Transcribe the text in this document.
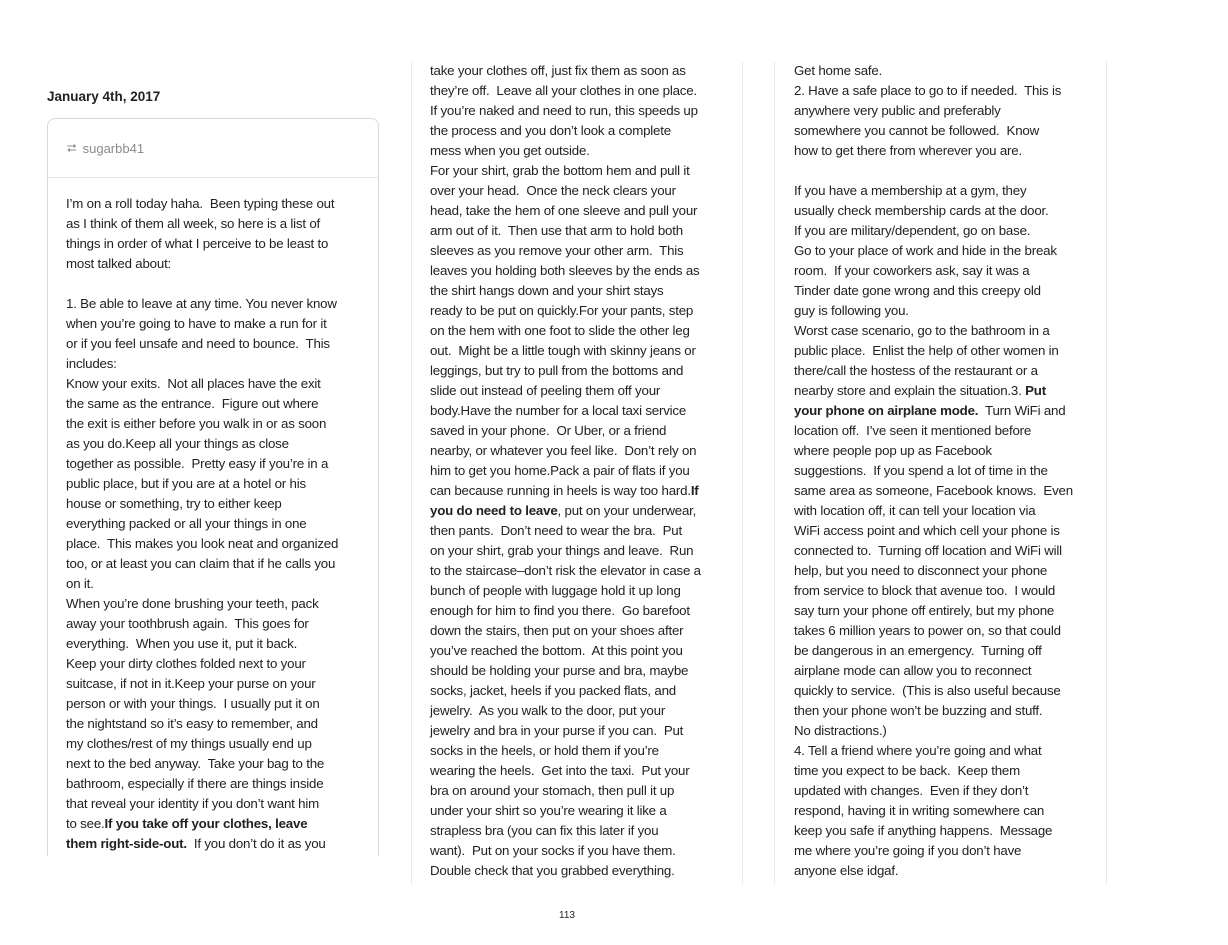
January 4th, 2017
⮂ sugarbb41
I’m on a roll today haha.  Been typing these out
as I think of them all week, so here is a list of
things in order of what I perceive to be least to
most talked about:
1. Be able to leave at any time. You never know
when you’re going to have to make a run for it
or if you feel unsafe and need to bounce.  This
includes:
Know your exits.  Not all places have the exit
the same as the entrance.  Figure out where
the exit is either before you walk in or as soon
as you do.Keep all your things as close
together as possible.  Pretty easy if you’re in a
public place, but if you are at a hotel or his
house or something, try to either keep
everything packed or all your things in one
place.  This makes you look neat and organized
too, or at least you can claim that if he calls you
on it.
When you’re done brushing your teeth, pack
away your toothbrush again.  This goes for
everything.  When you use it, put it back.
Keep your dirty clothes folded next to your
suitcase, if not in it.Keep your purse on your
person or with your things.  I usually put it on
the nightstand so it’s easy to remember, and
my clothes/rest of my things usually end up
next to the bed anyway.  Take your bag to the
bathroom, especially if there are things inside
that reveal your identity if you don’t want him
to see.If you take off your clothes, leave
them right-side-out.  If you don’t do it as you
take your clothes off, just fix them as soon as
they’re off.  Leave all your clothes in one place.
If you’re naked and need to run, this speeds up
the process and you don’t look a complete
mess when you get outside.
For your shirt, grab the bottom hem and pull it
over your head.  Once the neck clears your
head, take the hem of one sleeve and pull your
arm out of it.  Then use that arm to hold both
sleeves as you remove your other arm.  This
leaves you holding both sleeves by the ends as
the shirt hangs down and your shirt stays
ready to be put on quickly.For your pants, step
on the hem with one foot to slide the other leg
out.  Might be a little tough with skinny jeans or
leggings, but try to pull from the bottoms and
slide out instead of peeling them off your
body.Have the number for a local taxi service
saved in your phone.  Or Uber, or a friend
nearby, or whatever you feel like.  Don’t rely on
him to get you home.Pack a pair of flats if you
can because running in heels is way too hard.If
you do need to leave, put on your underwear,
then pants.  Don’t need to wear the bra.  Put
on your shirt, grab your things and leave.  Run
to the staircase–don’t risk the elevator in case a
bunch of people with luggage hold it up long
enough for him to find you there.  Go barefoot
down the stairs, then put on your shoes after
you’ve reached the bottom.  At this point you
should be holding your purse and bra, maybe
socks, jacket, heels if you packed flats, and
jewelry.  As you walk to the door, put your
jewelry and bra in your purse if you can.  Put
socks in the heels, or hold them if you’re
wearing the heels.  Get into the taxi.  Put your
bra on around your stomach, then pull it up
under your shirt so you’re wearing it like a
strapless bra (you can fix this later if you
want).  Put on your socks if you have them.
Double check that you grabbed everything.
Get home safe.
2. Have a safe place to go to if needed.  This is
anywhere very public and preferably
somewhere you cannot be followed.  Know
how to get there from wherever you are.
If you have a membership at a gym, they
usually check membership cards at the door.
If you are military/dependent, go on base.
Go to your place of work and hide in the break
room.  If your coworkers ask, say it was a
Tinder date gone wrong and this creepy old
guy is following you.
Worst case scenario, go to the bathroom in a
public place.  Enlist the help of other women in
there/call the hostess of the restaurant or a
nearby store and explain the situation.3. Put
your phone on airplane mode.  Turn WiFi and
location off.  I’ve seen it mentioned before
where people pop up as Facebook
suggestions.  If you spend a lot of time in the
same area as someone, Facebook knows.  Even
with location off, it can tell your location via
WiFi access point and which cell your phone is
connected to.  Turning off location and WiFi will
help, but you need to disconnect your phone
from service to block that avenue too.  I would
say turn your phone off entirely, but my phone
takes 6 million years to power on, so that could
be dangerous in an emergency.  Turning off
airplane mode can allow you to reconnect
quickly to service.  (This is also useful because
then your phone won’t be buzzing and stuff.
No distractions.)
4. Tell a friend where you’re going and what
time you expect to be back.  Keep them
updated with changes.  Even if they don’t
respond, having it in writing somewhere can
keep you safe if anything happens.  Message
me where you’re going if you don’t have
anyone else idgaf.
113
